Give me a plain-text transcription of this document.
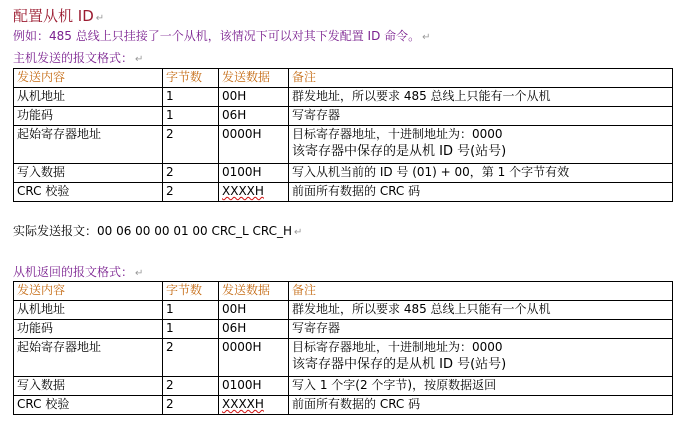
配置从机 ID ↵
例如：485 总线上只挂接了一个从机，该情况下可以对其下发配置 ID 命令。 ↵
主机发送的报文格式： ↵
发送内容	字节数	发送数据	备注
从机地址	1	00H	群发地址，所以要求 485 总线上只能有一个从机
功能码	1	06H	写寄存器
起始寄存器地址	2	0000H	目标寄存器地址，十进制地址为：0000
该寄存器中保存的是从机 ID 号(站号)

写入数据	2	0100H	写入从机当前的 ID 号 (01) + 00，第 1 个字节有效
CRC 校验	2	XXXXH	前面所有数据的 CRC 码
实际发送报文：00 06 00 00 01 00 CRC_L CRC_H ↵
从机返回的报文格式： ↵
发送内容	字节数	发送数据	备注
从机地址	1	00H	群发地址，所以要求 485 总线上只能有一个从机
功能码	1	06H	写寄存器
起始寄存器地址	2	0000H	目标寄存器地址，十进制地址为：0000
该寄存器中保存的是从机 ID 号(站号)

写入数据	2	0100H	写入 1 个字(2 个字节)，按原数据返回
CRC 校验	2	XXXXH	前面所有数据的 CRC 码
